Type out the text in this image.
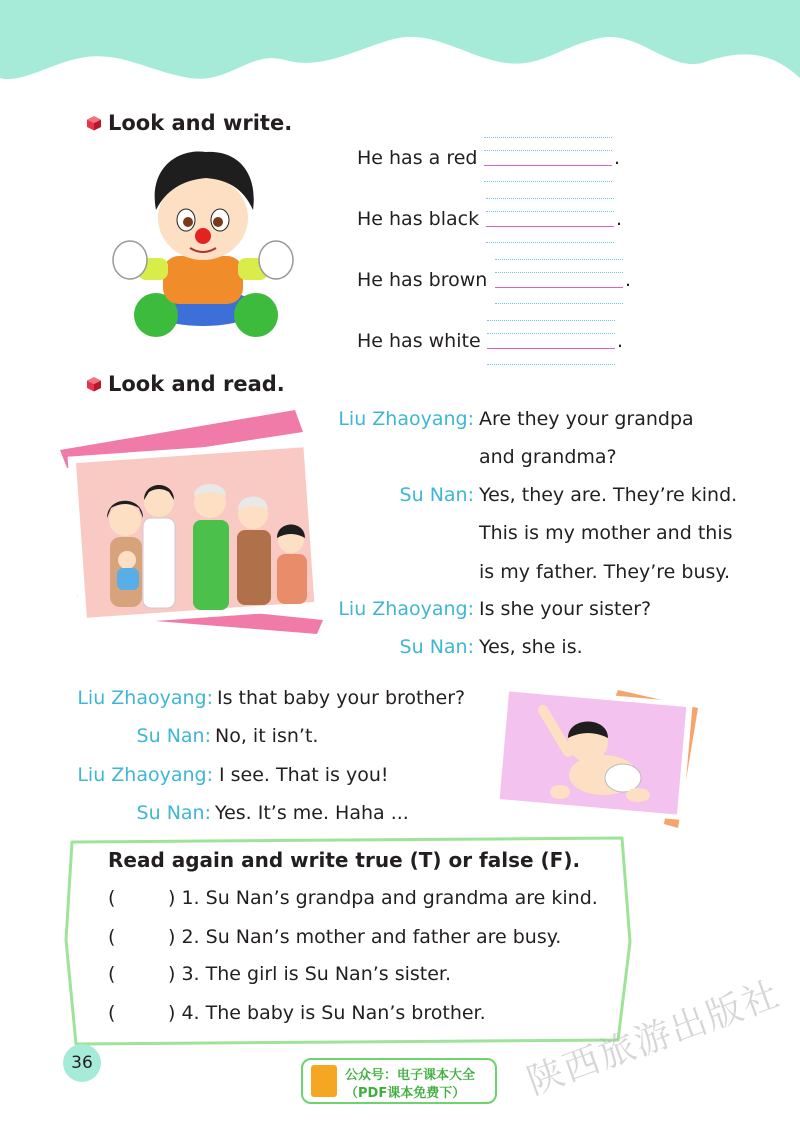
Look and write.
He has a red	.
He has black	.
He has brown	.
He has white	.
Look and read.
Liu Zhaoyang: Are they your grandpa
and grandma?
Su Nan: Yes, they are. They’re kind.
This is my mother and this
is my father. They’re busy.
Liu Zhaoyang: Is she your sister?
Su Nan: Yes, she is.
Liu Zhaoyang: Is that baby your brother?
Su Nan: No, it isn’t.
Liu Zhaoyang: I see. That is you!
Su Nan: Yes. It’s me. Haha ...
Read again and write true (T) or false (F).
(	) 1. Su Nan’s grandpa and grandma are kind.
(	) 2. Su Nan’s mother and father are busy.
(	) 3. The girl is Su Nan’s sister.
(	) 4. The baby is Su Nan’s brother.
36
公众号：电子课本大全
（PDF课本免费下） 陕西旅游出版社
